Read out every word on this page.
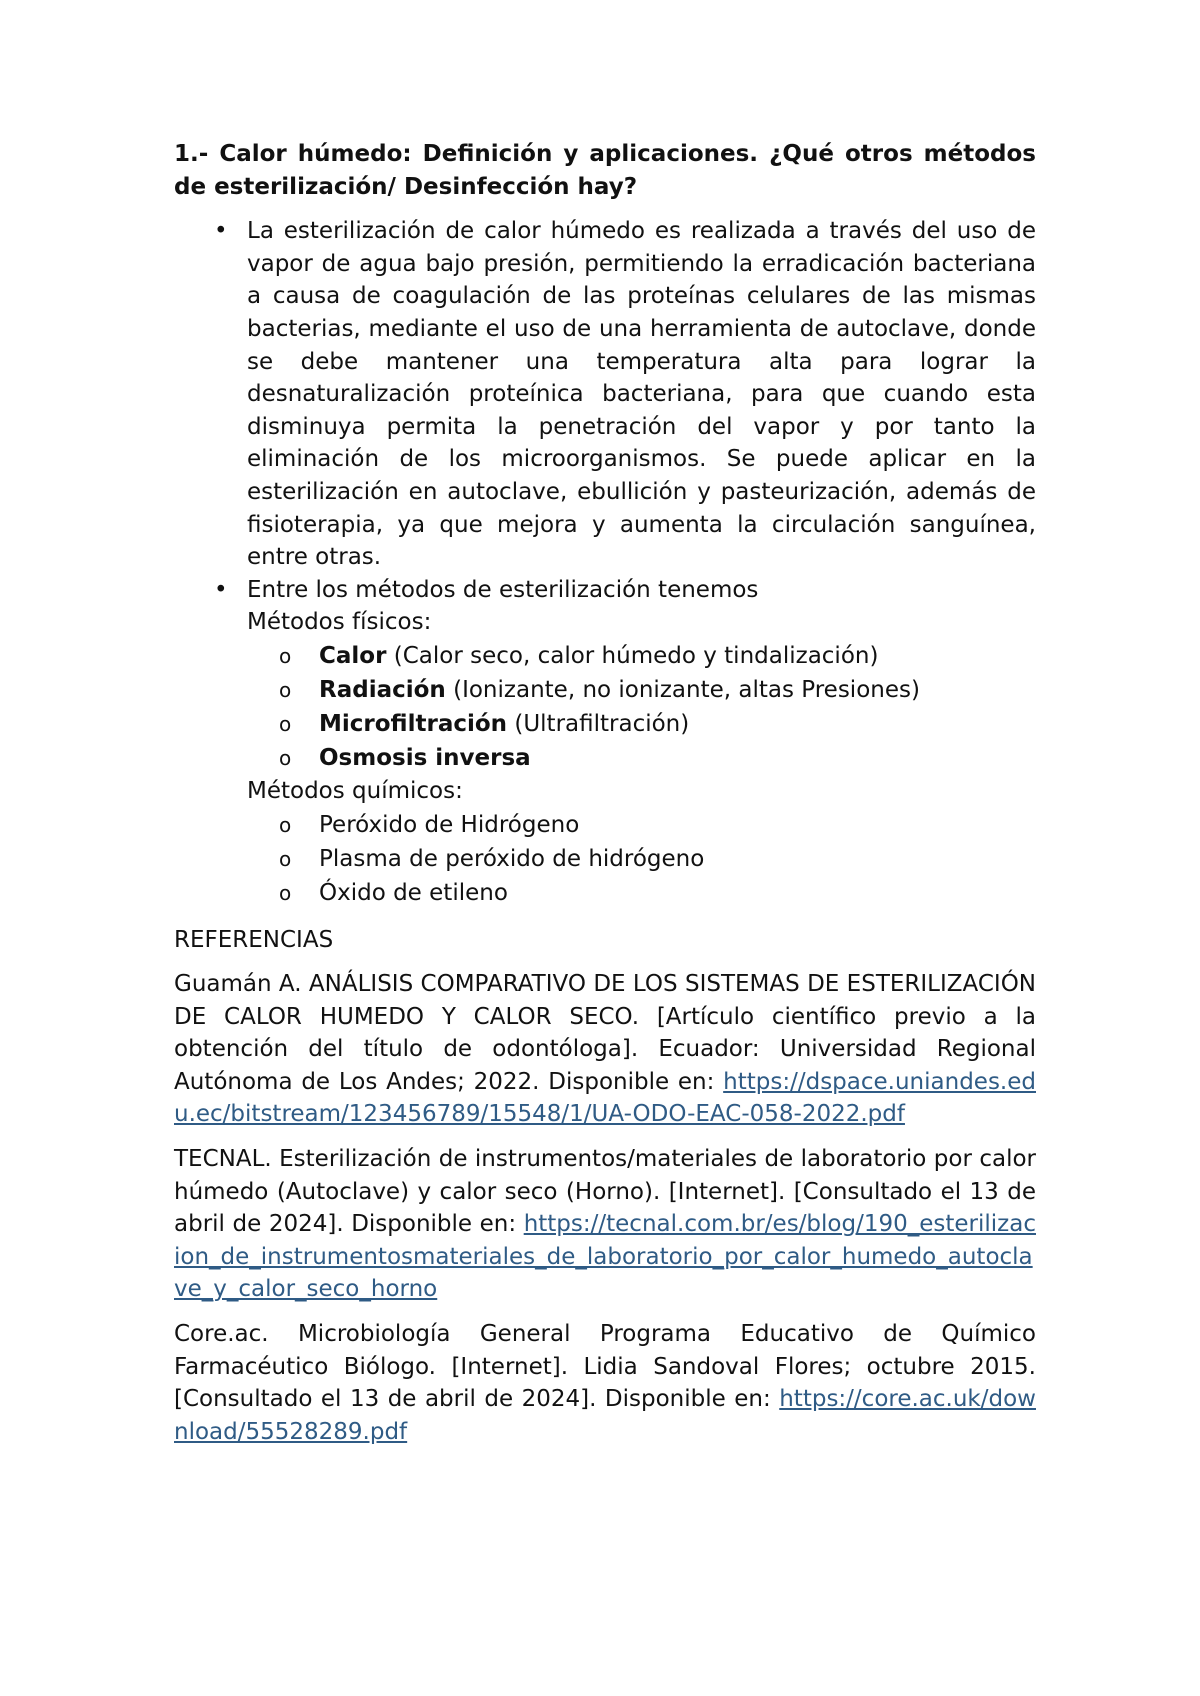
1.- Calor húmedo: Definición y aplicaciones. ¿Qué otros métodos de esterilización/ Desinfección hay?

• La esterilización de calor húmedo es realizada a través del uso de vapor de agua bajo presión, permitiendo la erradicación bacteriana a causa de coagulación de las proteínas celulares de las mismas bacterias, mediante el uso de una herramienta de autoclave, donde se debe mantener una temperatura alta para lograr la desnaturalización proteínica bacteriana, para que cuando esta disminuya permita la penetración del vapor y por tanto la eliminación de los microorganismos. Se puede aplicar en la esterilización en autoclave, ebullición y pasteurización, además de fisioterapia, ya que mejora y aumenta la circulación sanguínea, entre otras.
• Entre los métodos de esterilización tenemos
Métodos físicos:
o Calor (Calor seco, calor húmedo y tindalización)
o Radiación (Ionizante, no ionizante, altas Presiones)
o Microfiltración (Ultrafiltración)
o Osmosis inversa
Métodos químicos:
o Peróxido de Hidrógeno
o Plasma de peróxido de hidrógeno
o Óxido de etileno

REFERENCIAS

Guamán A. ANÁLISIS COMPARATIVO DE LOS SISTEMAS DE ESTERILIZACIÓN DE CALOR HUMEDO Y CALOR SECO. [Artículo científico previo a la obtención del título de odontóloga]. Ecuador: Universidad Regional Autónoma de Los Andes; 2022. Disponible en: https://dspace.uniandes.edu.ec/bitstream/123456789/15548/1/UA-ODO-EAC-058-2022.pdf

TECNAL. Esterilización de instrumentos/materiales de laboratorio por calor húmedo (Autoclave) y calor seco (Horno). [Internet]. [Consultado el 13 de abril de 2024]. Disponible en: https://tecnal.com.br/es/blog/190_esterilizacion_de_instrumentosmateriales_de_laboratorio_por_calor_humedo_autoclave_y_calor_seco_horno

Core.ac. Microbiología General Programa Educativo de Químico Farmacéutico Biólogo. [Internet]. Lidia Sandoval Flores; octubre 2015. [Consultado el 13 de abril de 2024]. Disponible en: https://core.ac.uk/download/55528289.pdf
